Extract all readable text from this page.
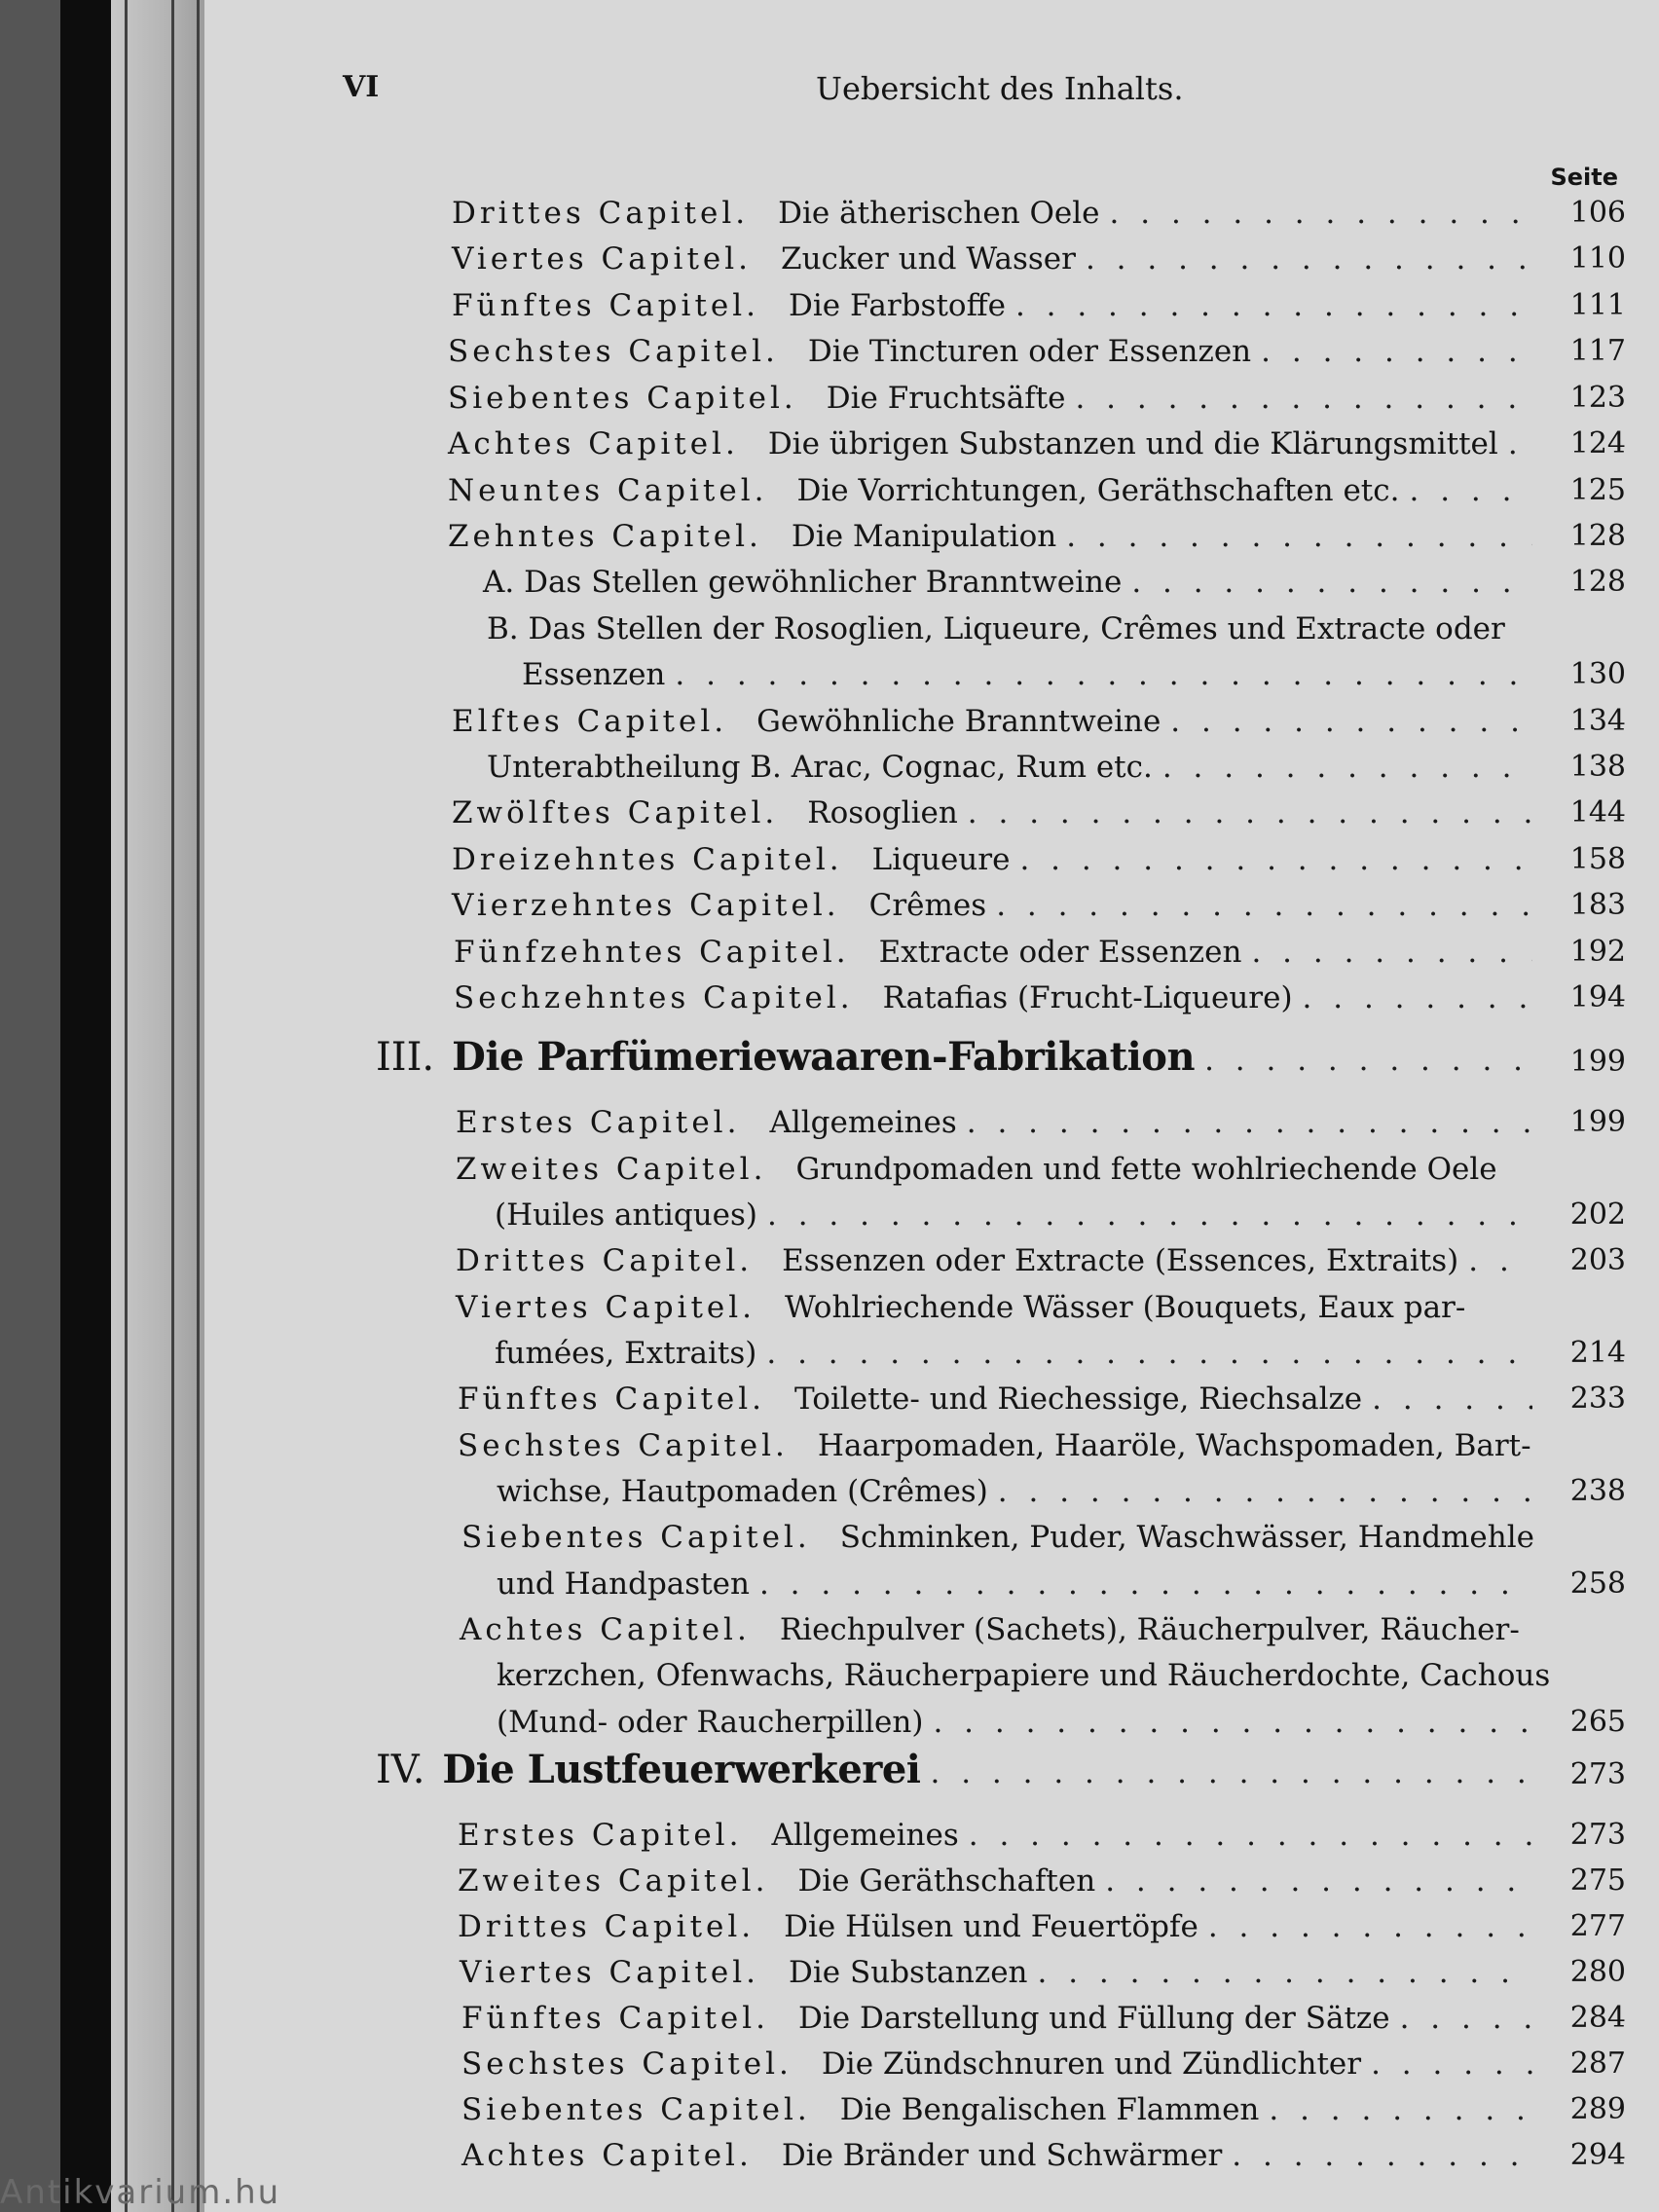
VI	Uebersicht des Inhalts.
Seite
Drittes Capitel. Die ätherischen Oele . . .	106
Viertes Capitel. Zucker und Wasser . . .	110
Fünftes Capitel. Die Farbstoffe . . .	111
Sechstes Capitel. Die Tincturen oder Essenzen . . .	117
Siebentes Capitel. Die Fruchtsäfte . . .	123
Achtes Capitel. Die übrigen Substanzen und die Klärungsmittel . . .	124
Neuntes Capitel. Die Vorrichtungen, Geräthschaften etc. . . .	125
Zehntes Capitel. Die Manipulation . . .	128
A. Das Stellen gewöhnlicher Branntweine . . .	128
B. Das Stellen der Rosoglien, Liqueure, Crêmes und Extracte oder
Essenzen . . .	130
Elftes Capitel. Gewöhnliche Branntweine . . .	134
Unterabtheilung B. Arac, Cognac, Rum etc. . . .	138
Zwölftes Capitel. Rosoglien . . .	144
Dreizehntes Capitel. Liqueure . . .	158
Vierzehntes Capitel. Crêmes . . .	183
Fünfzehntes Capitel. Extracte oder Essenzen . . .	192
Sechzehntes Capitel. Ratafias (Frucht-Liqueure) . . .	194
III. Die Parfümeriewaaren-Fabrikation . . .	199
Erstes Capitel. Allgemeines . . .	199
Zweites Capitel. Grundpomaden und fette wohlriechende Oele
(Huiles antiques) . . .	202
Drittes Capitel. Essenzen oder Extracte (Essences, Extraits) . . .	203
Viertes Capitel. Wohlriechende Wässer (Bouquets, Eaux par-
fumées, Extraits) . . .	214
Fünftes Capitel. Toilette- und Riechessige, Riechsalze . . .	233
Sechstes Capitel. Haarpomaden, Haaröle, Wachspomaden, Bart-
wichse, Hautpomaden (Crêmes) . . .	238
Siebentes Capitel. Schminken, Puder, Waschwässer, Handmehle
und Handpasten . . .	258
Achtes Capitel. Riechpulver (Sachets), Räucherpulver, Räucher-
kerzchen, Ofenwachs, Räucherpapiere und Räucherdochte, Cachous
(Mund- oder Raucherpillen) . . .	265
IV. Die Lustfeuerwerkerei . . .	273
Erstes Capitel. Allgemeines . . .	273
Zweites Capitel. Die Geräthschaften . . .	275
Drittes Capitel. Die Hülsen und Feuertöpfe . . .	277
Viertes Capitel. Die Substanzen . . .	280
Fünftes Capitel. Die Darstellung und Füllung der Sätze . . .	284
Sechstes Capitel. Die Zündschnuren und Zündlichter . . .	287
Siebentes Capitel. Die Bengalischen Flammen . . .	289
Achtes Capitel. Die Bränder und Schwärmer . . .	294
Antikvarium.hu
